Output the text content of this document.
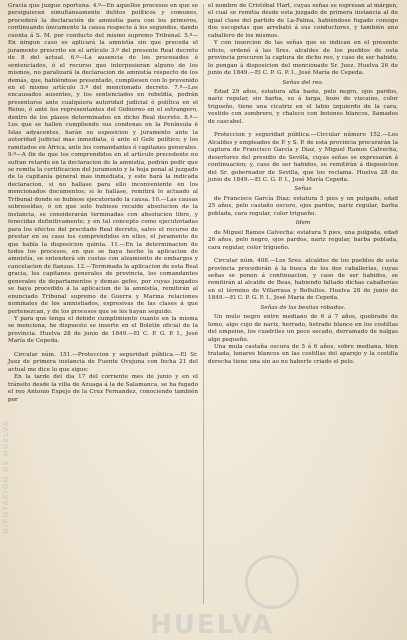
Gracia que juzgue oportuna. 4.º—En aquellos procesos en que se persiguieran simultáneamente delitos políticos y comunes, procederá la declaración de amnistía para con los primeros, continuando únicamente la causa respecto á los segundos, dando cuenta á S. M. por conducto del mismo supremo Tribunal. 5.º—En ningun caso se aplicará la amnistía sin que preceda el juramento prescrito en el artículo 3.º del presente Real decreto de 8 del actual. 6.º—La ausencia de los procesados ó sentenciados, ó el recurso que interpusieran alguno de los mismos, no paralizará la declaracion de amnistía respecto de los demás, que, habiéndose presentado, cumpliesen con lo prevenido en el mismo artículo 3.º del mencionado decreto. 7.º—Los encausados ausentes, y los sentenciados en rebeldía, podrán presentarse ante cualquiera autoridad judicial ó política en el Reino, ó ante los representantes del Gobierno en el estrangero, dentro de los plazos determinados en dicho Real decreto. 8.º—Los que se hallen cumpliendo sus condenas en la Península é Islas adyacentes, harán su esposicion y juramento ante la autoridad judicial mas inmediata, ó ante el Gefe político; y los ramitados en África, ante los comandantes ó capitanes generales. 9.º—A fin de que los comprendidos en el artículo precedente no sufran retardo en la declaracion de la amnistía, podrán pedir que se remita la certificacion del juramento y la hoja penal al juzgado de la capitanía general mas inmediata, y este hará la indicada declaracion, si no hallase para ello inconveniente en los mencionados documentos; si lo hallase, remitirá lo actuado al Tribunal donde se hubiese ejecutoriado la causa. 10.—Las causas sobreseídas, ó en que solo hubiese recaido absolucion de la instancia, se considerarán terminadas con absolucion libre, y fenecidas definitivamente; y en tal concepto como ejecutoriadas para los efectos del precitado Real decreto, salvo el recurso de prestar en su caso los comprendidos en ellos, el juramento de que habla la disposicion quinta. 11.—En la determinacion de todos los procesos, en que se haya hecho la aplicacion de amnistía, se entenderá sin costas con alzamiento de embargos y cancelacion de fianzas. 12.—Terminada la aplicacion de esta Real gracia, los capitanes generales de provincia, los comandantes generales de departamentos y demas gefes, por cuyas juzgados se haya procedido á la aplicacion de la amnistía, remitirán al enunciado Tribunal supremo de Guerra y Marina relaciones nominales de los amnistiados, espresivas de las clases á que pertenezcan, y de los procesos que se les hayan seguido.

Y para que tenga el debido cumplimiento cuanto en la misma se menciona, he dispuesto se inserte en el Boletín oficial de la provincia. Huelva 28 de junio de 1849.—El C. P. G. P. I., José María de Cepeda.

Circular núm. 151.—Proteccion y seguridad pública.—El Sr. Juez de primera instancia de Fuente Ovejuna con fecha 21 del actual me dice lo que sigue:

En la tarde del dia 17 del corriente mes de junio y en el tránsito desde la villa de Azuaga á la de Salamanca, se ha fugado el reo Antonio Espejo de la Cruz Fernandez, conociendo también por

el nombre de Cristóbal Hart, cuyas señas se espresan al márgen, el cual se remitia desde esta juzgado de primera instancia al de igual clase del partido de La-Palma, habiéndose fugado consigo dos escopetas que arrebató á sus conductores, y también uno caballero de los mismos.

Y con insercion de las señas que se indican en el presente oficio, ordenó á las Sres. alcaldes de los pueblos de esta provincia procuren la captura de dicho reo, y caso de ser habido, lo pongan á disposicion del mencionado Sr. Juez. Huelva 26 de junio de 1849.—El C. P. G. P. I., José María de Cepeda.

Señas del reo.

Edad 29 años, estatura alta baste, pelo negro, ojos pardos, nariz regular, sin barba, su á larga, bozo de vizcaíno, color trigueño, tiene una cicatriz en el labio izquierdo de la cara, vestido con sombrero, y chaleco con botones blancos, llamados de cascabel.

Proteccion y seguridad pública.—Circular número 152.—Los Alcaldes y empleados de P. y S. P. de esta provincia procurarán la captura de Francisco García y Diaz, y Miguel Ramos Calvecha, desertores del presidio de Sevilla, cuyas señas se expresarán á continuacion; y, caso de ser habidos, se remitirán á disposicion del Sr. gobernador de Sevilla, que los reclama. Huelva 28 de junio de 1849.—El C. G. P. I., José María Cepeda.

Señas

de Francisco García Diaz: estatura 5 pies y un pulgado, edad 25 años, pelo castaño oscuro, ojos pardos, nariz regular, barba poblada, cara regular, color trigueño.

Idem

de Miguel Ramos Calvecha: estatura 5 pies, una pulgada, edad 26 años, pelo negro, ojos pardos, nariz regular, barba poblada, cara regular, color trigueño.

Circular núm. 408.—Los Sres. alcaldes de los pueblos de esta provincia procederán á la busca de los dos caballerías, cuyas señas se ponen á continuacion, y caso de ser habidos, se remitirán al alcalde de Beas, habiendo faltado dichas caballerías en el término de Villarrasa y Bollullos. Huelva 28 de junio de 1849.—El C. P. G. P. I., José María de Cepeda.

Señas de las bestias robadas.

Un mulo negro entre mediano de 6 á 7 años, quebrado de lomo, algo cojo de nariz, herrado, hetrado blanco en los costillas del empeine, los cuadriles un poco secado, derramado de nalgas algo pequeño.

Una mula castaña oscura de 5 á 6 años, sobre mediana, bien tratada, lunares blancos en las costillas del aparejo y la costilla derecha tiene una sin ao no haberle criado el pelo.

HUELVA
DIPUTACIÓN DE HUELVA
